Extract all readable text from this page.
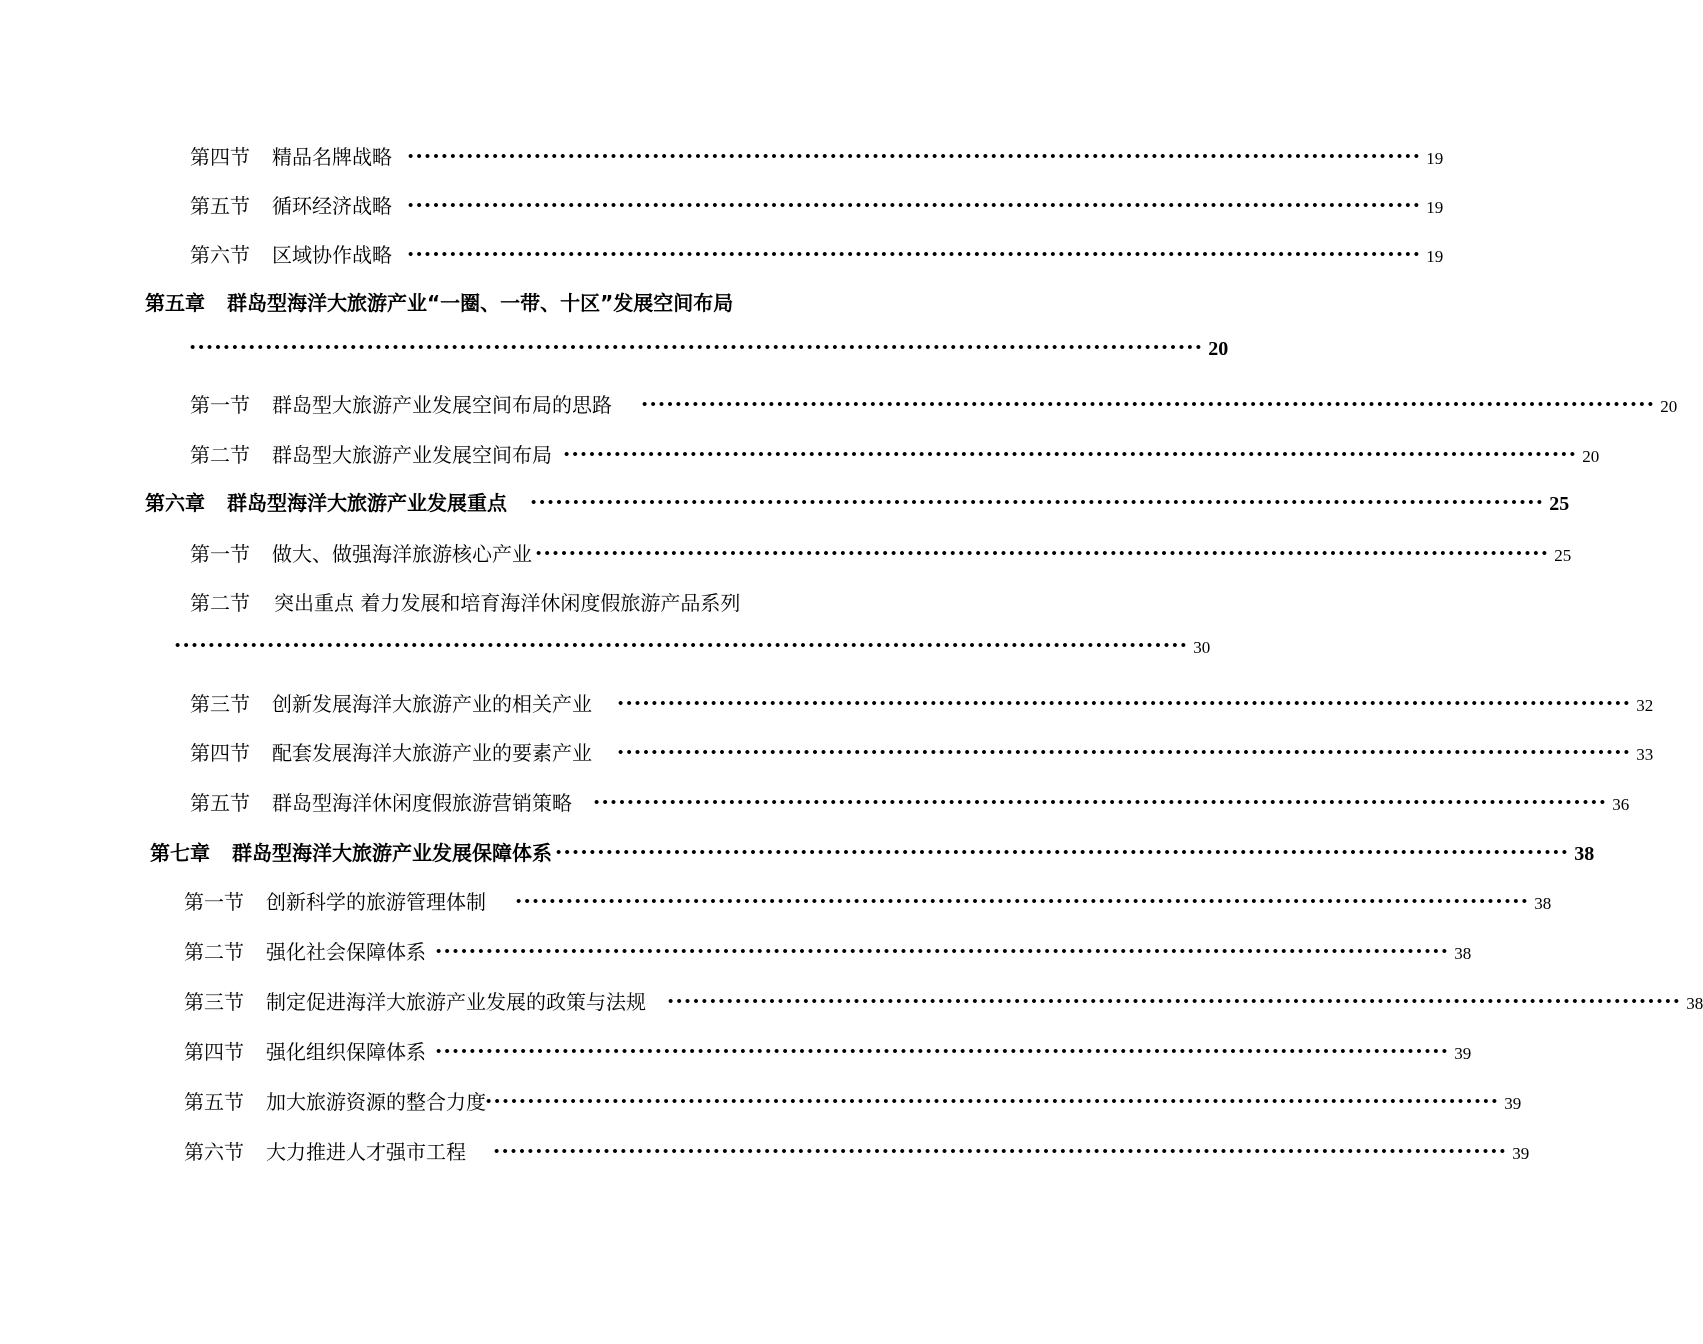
第四节 精品名牌战略 •••••••••••••••••••••••••••••••••••••••••••••••••••••••••••••••••••••••••••••••••••••••••••••••••••••••••••••••••••••••• 19
第五节 循环经济战略 •••••••••••••••••••••••••••••••••••••••••••••••••••••••••••••••••••••••••••••••••••••••••••••••••••••••••••••••••••••••• 19
第六节 区域协作战略 •••••••••••••••••••••••••••••••••••••••••••••••••••••••••••••••••••••••••••••••••••••••••••••••••••••••••••••••••••••••• 19
第五章 群岛型海洋大旅游产业“一圈、一带、十区”发展空间布局
•••••••••••••••••••••••••••••••••••••••••••••••••••••••••••••••••••••••••••••••••••••••••••••••••••••••••••••••••••••••• 20
第一节 群岛型大旅游产业发展空间布局的思路 •••••••••••••••••••••••••••••••••••••••••••••••••••••••••••••••••••••••••••••••••••••••••••••••••••••••••••••••••••••••• 20
第二节 群岛型大旅游产业发展空间布局 •••••••••••••••••••••••••••••••••••••••••••••••••••••••••••••••••••••••••••••••••••••••••••••••••••••••••••••••••••••••• 20
第六章 群岛型海洋大旅游产业发展重点 •••••••••••••••••••••••••••••••••••••••••••••••••••••••••••••••••••••••••••••••••••••••••••••••••••••••••••••••••••••••• 25
第一节 做大、做强海洋旅游核心产业 •••••••••••••••••••••••••••••••••••••••••••••••••••••••••••••••••••••••••••••••••••••••••••••••••••••••••••••••••••••••• 25
第二节 突出重点 着力发展和培育海洋休闲度假旅游产品系列
•••••••••••••••••••••••••••••••••••••••••••••••••••••••••••••••••••••••••••••••••••••••••••••••••••••••••••••••••••••••• 30
第三节 创新发展海洋大旅游产业的相关产业 •••••••••••••••••••••••••••••••••••••••••••••••••••••••••••••••••••••••••••••••••••••••••••••••••••••••••••••••••••••••• 32
第四节 配套发展海洋大旅游产业的要素产业 •••••••••••••••••••••••••••••••••••••••••••••••••••••••••••••••••••••••••••••••••••••••••••••••••••••••••••••••••••••••• 33
第五节 群岛型海洋休闲度假旅游营销策略 •••••••••••••••••••••••••••••••••••••••••••••••••••••••••••••••••••••••••••••••••••••••••••••••••••••••••••••••••••••••• 36
第七章 群岛型海洋大旅游产业发展保障体系 •••••••••••••••••••••••••••••••••••••••••••••••••••••••••••••••••••••••••••••••••••••••••••••••••••••••••••••••••••••••• 38
第一节 创新科学的旅游管理体制 •••••••••••••••••••••••••••••••••••••••••••••••••••••••••••••••••••••••••••••••••••••••••••••••••••••••••••••••••••••••• 38
第二节 强化社会保障体系 •••••••••••••••••••••••••••••••••••••••••••••••••••••••••••••••••••••••••••••••••••••••••••••••••••••••••••••••••••••••• 38
第三节 制定促进海洋大旅游产业发展的政策与法规 •••••••••••••••••••••••••••••••••••••••••••••••••••••••••••••••••••••••••••••••••••••••••••••••••••••••••••••••••••••••• 38
第四节 强化组织保障体系 •••••••••••••••••••••••••••••••••••••••••••••••••••••••••••••••••••••••••••••••••••••••••••••••••••••••••••••••••••••••• 39
第五节 加大旅游资源的整合力度 •••••••••••••••••••••••••••••••••••••••••••••••••••••••••••••••••••••••••••••••••••••••••••••••••••••••••••••••••••••••• 39
第六节 大力推进人才强市工程 •••••••••••••••••••••••••••••••••••••••••••••••••••••••••••••••••••••••••••••••••••••••••••••••••••••••••••••••••••••••• 39
